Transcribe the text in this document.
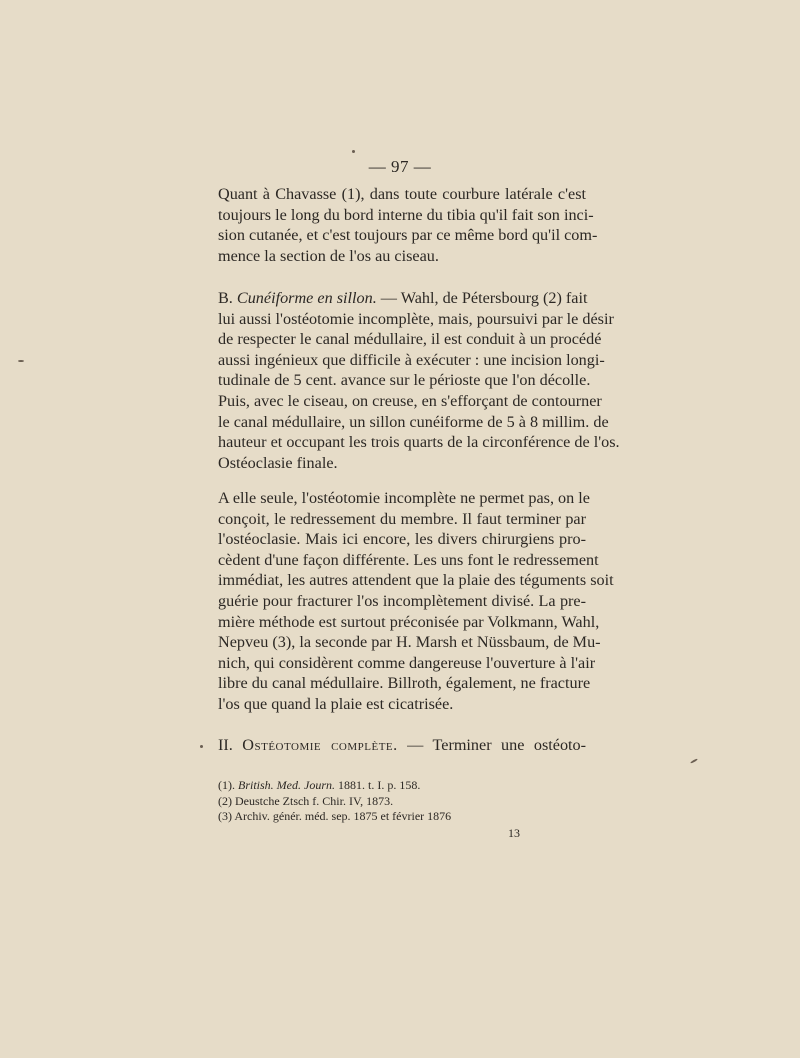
— 97 —
Quant à Chavasse (1), dans toute courbure latérale c'est
toujours le long du bord interne du tibia qu'il fait son inci-
sion cutanée, et c'est toujours par ce même bord qu'il com-
mence la section de l'os au ciseau.
B. Cunéiforme en sillon. — Wahl, de Pétersbourg (2) fait
lui aussi l'ostéotomie incomplète, mais, poursuivi par le désir
de respecter le canal médullaire, il est conduit à un procédé
aussi ingénieux que difficile à exécuter : une incision longi-
tudinale de 5 cent. avance sur le périoste que l'on décolle.
Puis, avec le ciseau, on creuse, en s'efforçant de contourner
le canal médullaire, un sillon cunéiforme de 5 à 8 millim. de
hauteur et occupant les trois quarts de la circonférence de l'os.
Ostéoclasie finale.
A elle seule, l'ostéotomie incomplète ne permet pas, on le
conçoit, le redressement du membre. Il faut terminer par
l'ostéoclasie. Mais ici encore, les divers chirurgiens pro-
cèdent d'une façon différente. Les uns font le redressement
immédiat, les autres attendent que la plaie des téguments soit
guérie pour fracturer l'os incomplètement divisé. La pre-
mière méthode est surtout préconisée par Volkmann, Wahl,
Nepveu (3), la seconde par H. Marsh et Nüssbaum, de Mu-
nich, qui considèrent comme dangereuse l'ouverture à l'air
libre du canal médullaire. Billroth, également, ne fracture
l'os que quand la plaie est cicatrisée.
II. Ostéotomie complète. — Terminer une ostéoto-
(1). British. Med. Journ. 1881. t. I. p. 158.
(2) Deustche Ztsch f. Chir. IV, 1873.
(3) Archiv. génér. méd. sep. 1875 et février 1876
13
